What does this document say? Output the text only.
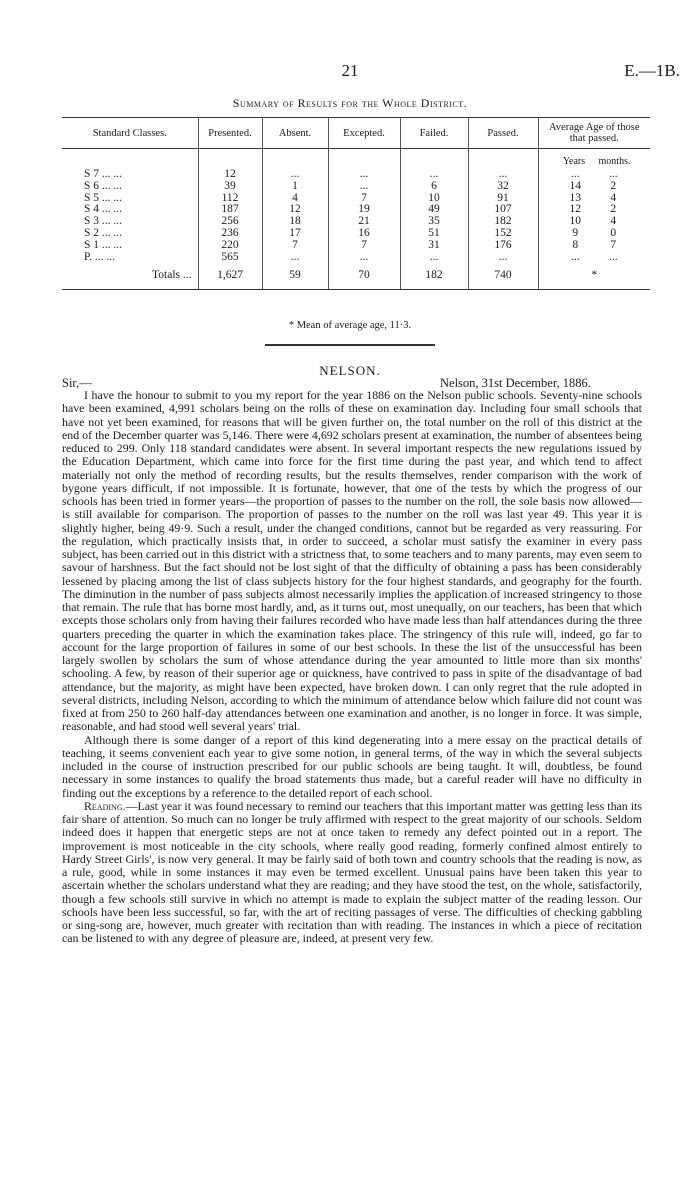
21	E.—1B.
Summary of Results for the Whole District.
Standard Classes.	Presented.	Absent.	Excepted.	Failed.	Passed.	Average Age of those that passed.
						Years months.
S 7 ... ...	12	...	...	...	...	... ...
S 6 ... ...	39	1	...	6	32	14 2
S 5 ... ...	112	4	7	10	91	13 4
S 4 ... ...	187	12	19	49	107	12 2
S 3 ... ...	256	18	21	35	182	10 4
S 2 ... ...	236	17	16	51	152	9 0
S 1 ... ...	220	7	7	31	176	8 7
P. ... ...	565	...	...	...	...	... ...
Totals ...	1,627	59	70	182	740	*
* Mean of average age, 11·3.
NELSON.
Sir,—	Nelson, 31st December, 1886.

I have the honour to submit to you my report for the year 1886 on the Nelson public schools. Seventy-nine schools have been examined, 4,991 scholars being on the rolls of these on examination day. Including four small schools that have not yet been examined, for reasons that will be given further on, the total number on the roll of this district at the end of the December quarter was 5,146. There were 4,692 scholars present at examination, the number of absentees being reduced to 299. Only 118 standard candidates were absent. In several important respects the new regulations issued by the Education Department, which came into force for the first time during the past year, and which tend to affect materially not only the method of recording results, but the results themselves, render comparison with the work of bygone years difficult, if not impossible. It is fortunate, however, that one of the tests by which the progress of our schools has been tried in former years—the proportion of passes to the number on the roll, the sole basis now allowed—is still available for comparison. The proportion of passes to the number on the roll was last year 49. This year it is slightly higher, being 49·9. Such a result, under the changed conditions, cannot but be regarded as very reassuring. For the regulation, which practically insists that, in order to succeed, a scholar must satisfy the examiner in every pass subject, has been carried out in this district with a strictness that, to some teachers and to many parents, may even seem to savour of harshness. But the fact should not be lost sight of that the difficulty of obtaining a pass has been considerably lessened by placing among the list of class subjects history for the four highest standards, and geography for the fourth. The diminution in the number of pass subjects almost necessarily implies the application of increased stringency to those that remain. The rule that has borne most hardly, and, as it turns out, most unequally, on our teachers, has been that which excepts those scholars only from having their failures recorded who have made less than half attendances during the three quarters preceding the quarter in which the examination takes place. The stringency of this rule will, indeed, go far to account for the large proportion of failures in some of our best schools. In these the list of the unsuccessful has been largely swollen by scholars the sum of whose attendance during the year amounted to little more than six months' schooling. A few, by reason of their superior age or quickness, have contrived to pass in spite of the disadvantage of bad attendance, but the majority, as might have been expected, have broken down. I can only regret that the rule adopted in several districts, including Nelson, according to which the minimum of attendance below which failure did not count was fixed at from 250 to 260 half-day attendances between one examination and another, is no longer in force. It was simple, reasonable, and had stood well several years' trial.

Although there is some danger of a report of this kind degenerating into a mere essay on the practical details of teaching, it seems convenient each year to give some notion, in general terms, of the way in which the several subjects included in the course of instruction prescribed for our public schools are being taught. It will, doubtless, be found necessary in some instances to qualify the broad statements thus made, but a careful reader will have no difficulty in finding out the exceptions by a reference to the detailed report of each school.

Reading.—Last year it was found necessary to remind our teachers that this important matter was getting less than its fair share of attention. So much can no longer be truly affirmed with respect to the great majority of our schools. Seldom indeed does it happen that energetic steps are not at once taken to remedy any defect pointed out in a report. The improvement is most noticeable in the city schools, where really good reading, formerly confined almost entirely to Hardy Street Girls', is now very general. It may be fairly said of both town and country schools that the reading is now, as a rule, good, while in some instances it may even be termed excellent. Unusual pains have been taken this year to ascertain whether the scholars understand what they are reading; and they have stood the test, on the whole, satisfactorily, though a few schools still survive in which no attempt is made to explain the subject matter of the reading lesson. Our schools have been less successful, so far, with the art of reciting passages of verse. The difficulties of checking gabbling or sing-song are, however, much greater with recitation than with reading. The instances in which a piece of recitation can be listened to with any degree of pleasure are, indeed, at present very few.
